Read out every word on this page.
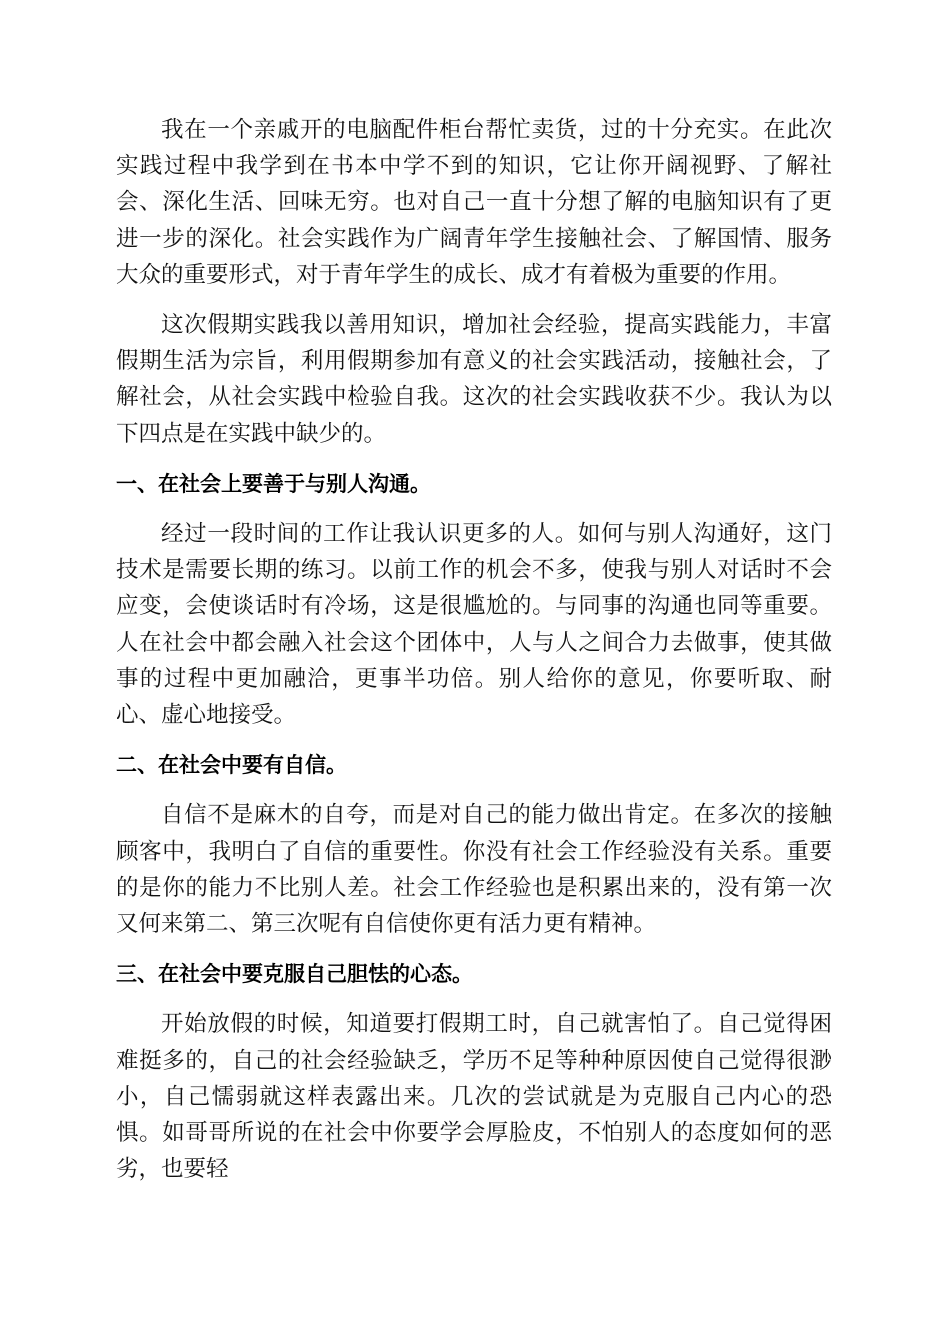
我在一个亲戚开的电脑配件柜台帮忙卖货，过的十分充实。在此次实践过程中我学到在书本中学不到的知识，它让你开阔视野、了解社会、深化生活、回味无穷。也对自己一直十分想了解的电脑知识有了更进一步的深化。社会实践作为广阔青年学生接触社会、了解国情、服务大众的重要形式，对于青年学生的成长、成才有着极为重要的作用。

这次假期实践我以善用知识，增加社会经验，提高实践能力，丰富假期生活为宗旨，利用假期参加有意义的社会实践活动，接触社会，了解社会，从社会实践中检验自我。这次的社会实践收获不少。我认为以下四点是在实践中缺少的。

一、在社会上要善于与别人沟通。

经过一段时间的工作让我认识更多的人。如何与别人沟通好，这门技术是需要长期的练习。以前工作的机会不多，使我与别人对话时不会应变，会使谈话时有冷场，这是很尴尬的。与同事的沟通也同等重要。人在社会中都会融入社会这个团体中，人与人之间合力去做事，使其做事的过程中更加融洽，更事半功倍。别人给你的意见，你要听取、耐心、虚心地接受。

二、在社会中要有自信。

自信不是麻木的自夸，而是对自己的能力做出肯定。在多次的接触顾客中，我明白了自信的重要性。你没有社会工作经验没有关系。重要的是你的能力不比别人差。社会工作经验也是积累出来的，没有第一次又何来第二、第三次呢有自信使你更有活力更有精神。

三、在社会中要克服自己胆怯的心态。

开始放假的时候，知道要打假期工时，自己就害怕了。自己觉得困难挺多的，自己的社会经验缺乏，学历不足等种种原因使自己觉得很渺小，自己懦弱就这样表露出来。几次的尝试就是为克服自己内心的恐惧。如哥哥所说的在社会中你要学会厚脸皮，不怕别人的态度如何的恶劣，也要轻
